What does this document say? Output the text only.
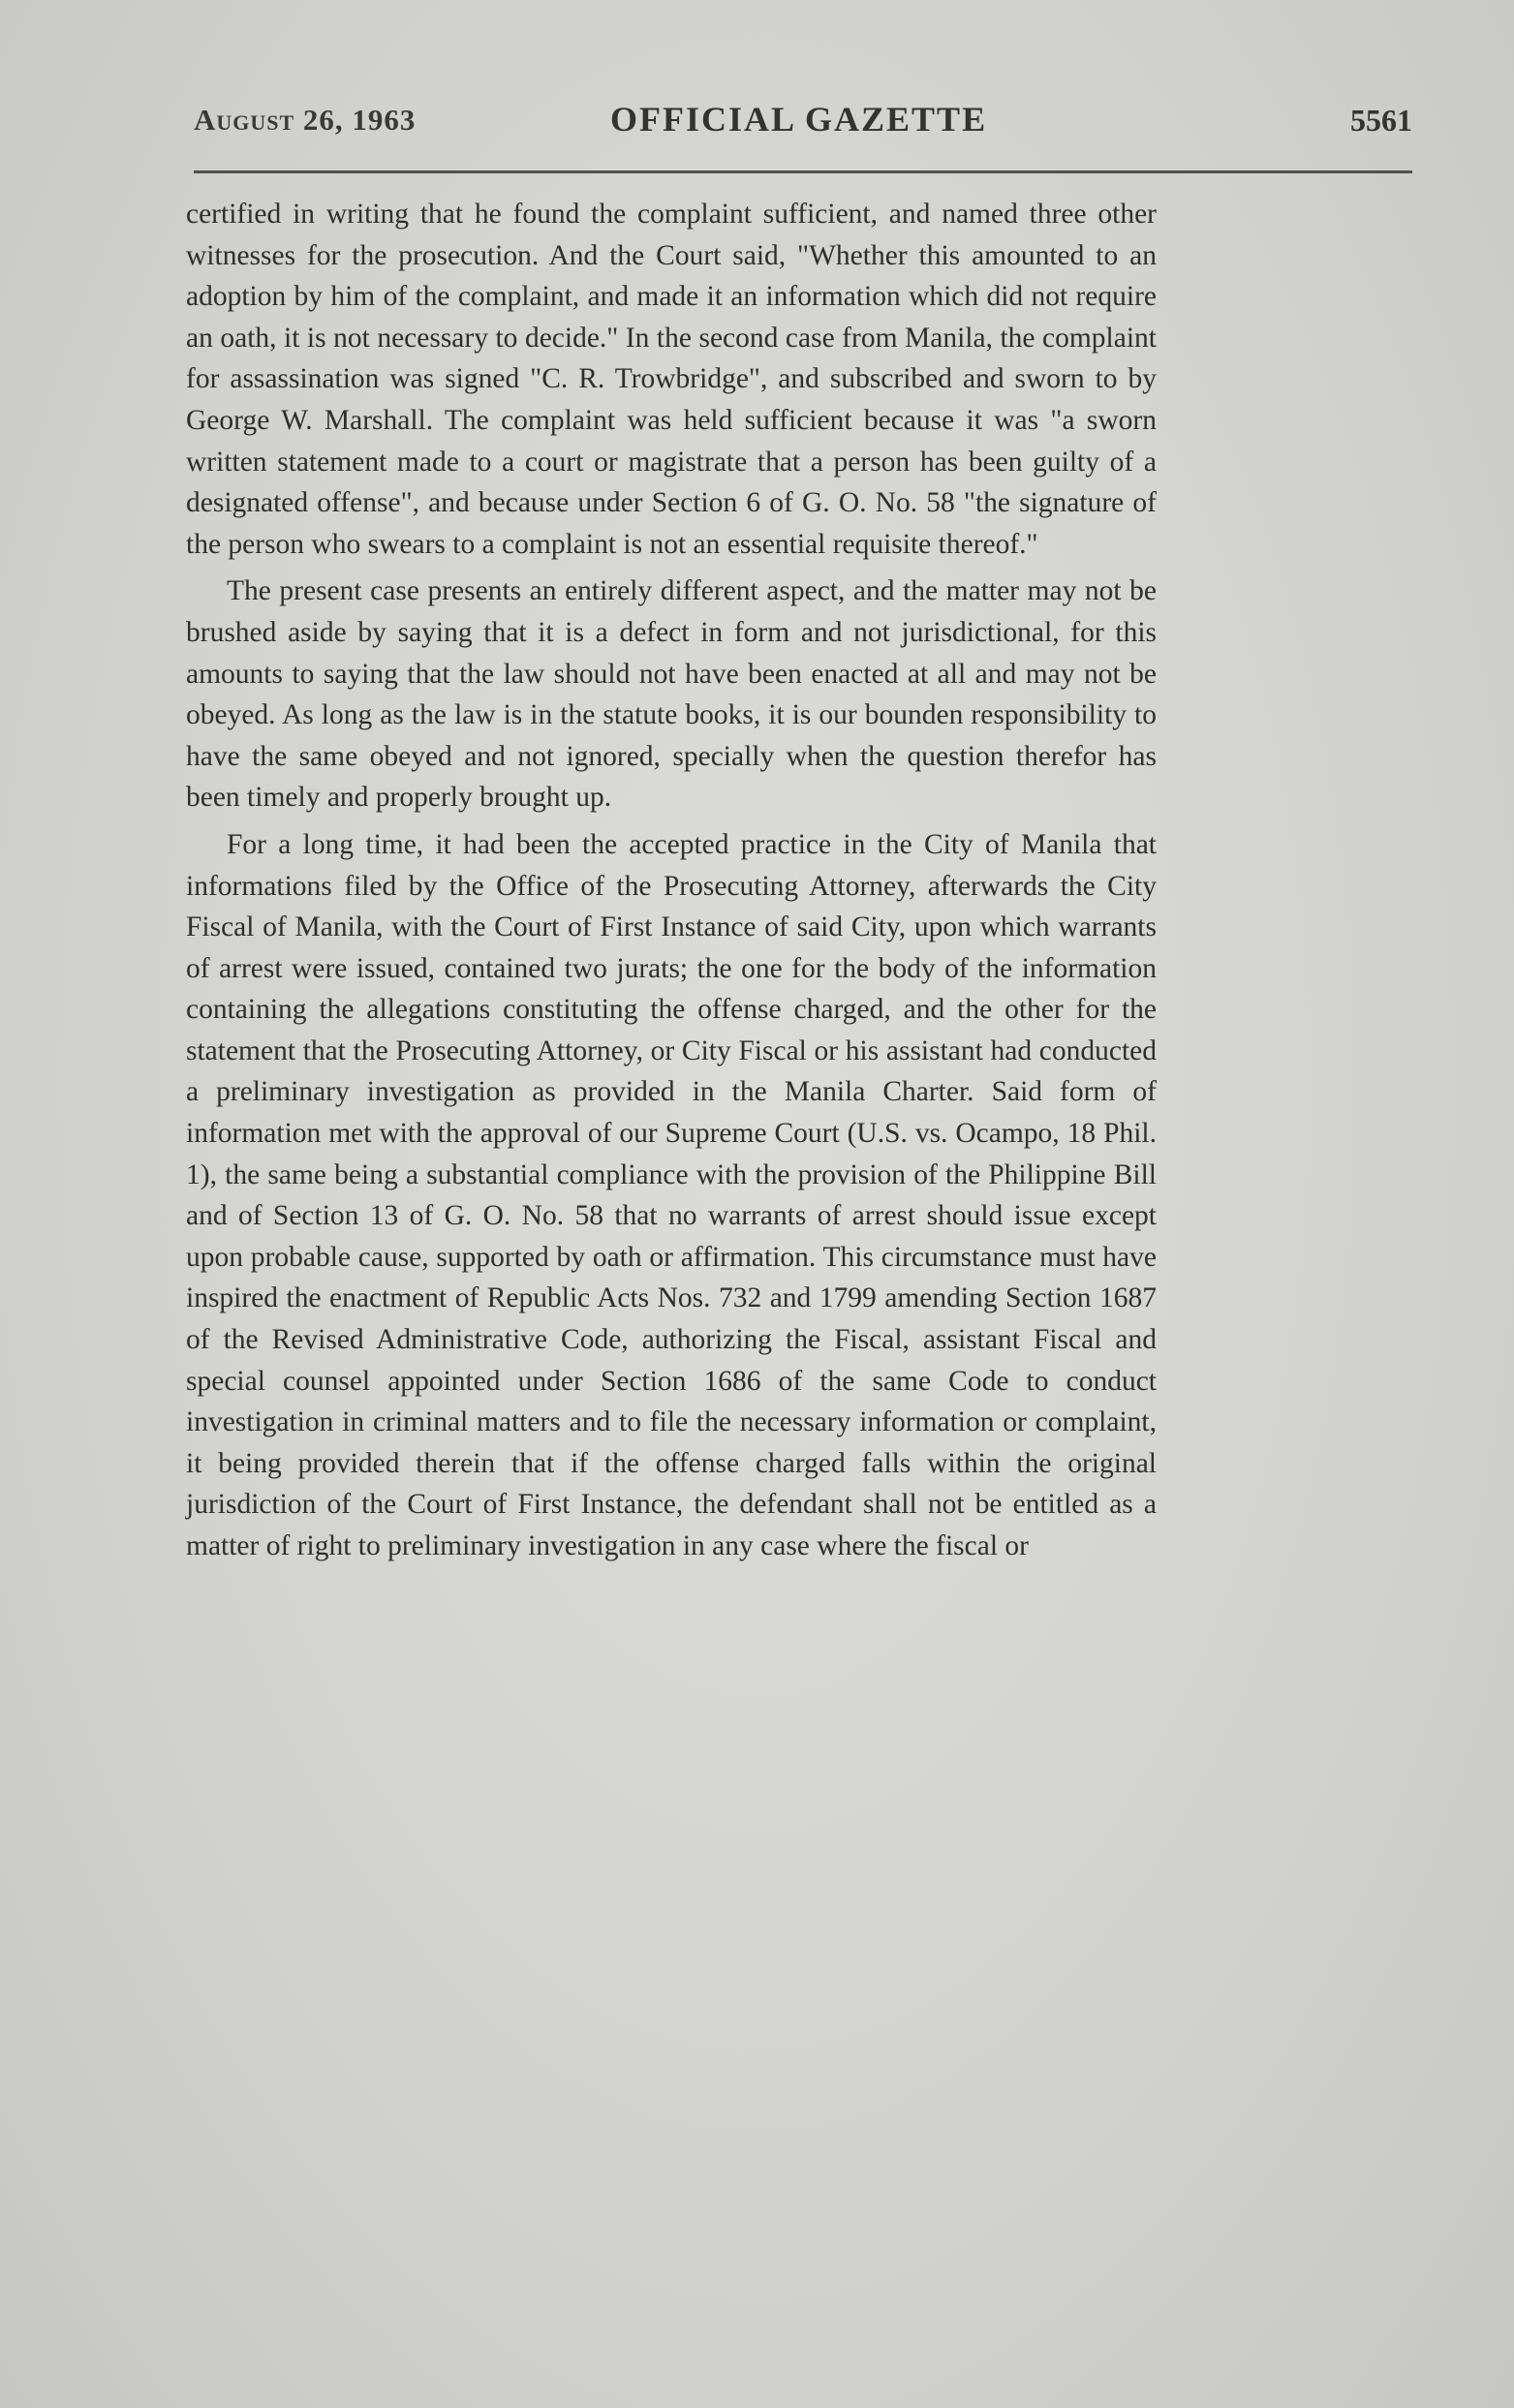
August 26, 1963	OFFICIAL GAZETTE	5561

certified in writing that he found the complaint sufficient, and named three other witnesses for the prosecution. And the Court said, "Whether this amounted to an adoption by him of the complaint, and made it an information which did not require an oath, it is not necessary to decide." In the second case from Manila, the complaint for assassination was signed "C. R. Trowbridge", and subscribed and sworn to by George W. Marshall. The complaint was held sufficient because it was "a sworn written statement made to a court or magistrate that a person has been guilty of a designated offense", and because under Section 6 of G. O. No. 58 "the signature of the person who swears to a complaint is not an essential requisite thereof."

The present case presents an entirely different aspect, and the matter may not be brushed aside by saying that it is a defect in form and not jurisdictional, for this amounts to saying that the law should not have been enacted at all and may not be obeyed. As long as the law is in the statute books, it is our bounden responsibility to have the same obeyed and not ignored, specially when the question therefor has been timely and properly brought up.

For a long time, it had been the accepted practice in the City of Manila that informations filed by the Office of the Prosecuting Attorney, afterwards the City Fiscal of Manila, with the Court of First Instance of said City, upon which warrants of arrest were issued, contained two jurats; the one for the body of the information containing the allegations constituting the offense charged, and the other for the statement that the Prosecuting Attorney, or City Fiscal or his assistant had conducted a preliminary investigation as provided in the Manila Charter. Said form of information met with the approval of our Supreme Court (U.S. vs. Ocampo, 18 Phil. 1), the same being a substantial compliance with the provision of the Philippine Bill and of Section 13 of G. O. No. 58 that no warrants of arrest should issue except upon probable cause, supported by oath or affirmation. This circumstance must have inspired the enactment of Republic Acts Nos. 732 and 1799 amending Section 1687 of the Revised Administrative Code, authorizing the Fiscal, assistant Fiscal and special counsel appointed under Section 1686 of the same Code to conduct investigation in criminal matters and to file the necessary information or complaint, it being provided therein that if the offense charged falls within the original jurisdiction of the Court of First Instance, the defendant shall not be entitled as a matter of right to preliminary investigation in any case where the fiscal or
